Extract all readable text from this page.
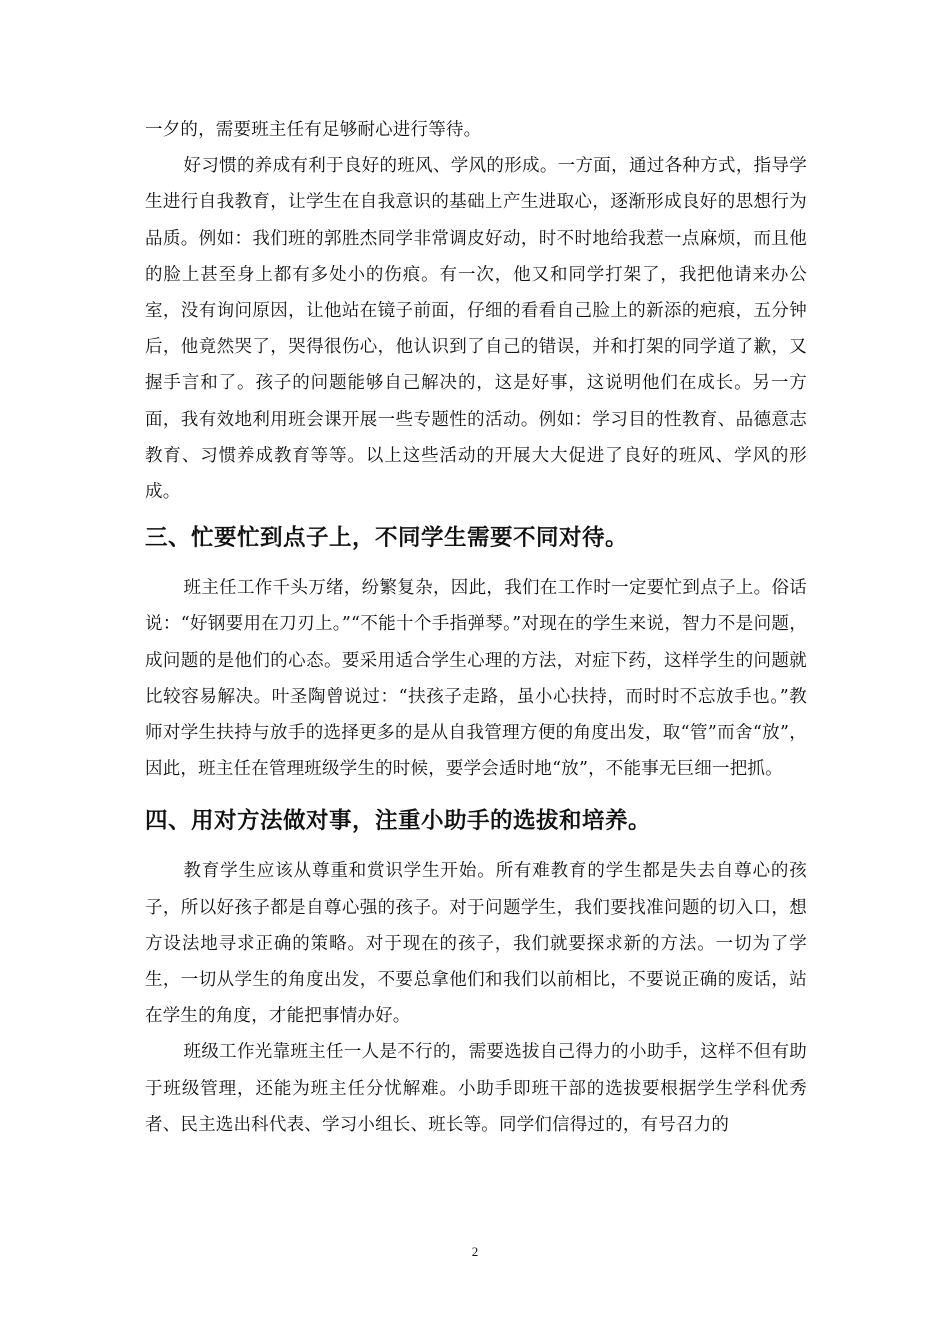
一夕的，需要班主任有足够耐心进行等待。

好习惯的养成有利于良好的班风、学风的形成。一方面，通过各种方式，指导学生进行自我教育，让学生在自我意识的基础上产生进取心，逐渐形成良好的思想行为品质。例如：我们班的郭胜杰同学非常调皮好动，时不时地给我惹一点麻烦，而且他的脸上甚至身上都有多处小的伤痕。有一次，他又和同学打架了，我把他请来办公室，没有询问原因，让他站在镜子前面，仔细的看看自己脸上的新添的疤痕，五分钟后，他竟然哭了，哭得很伤心，他认识到了自己的错误，并和打架的同学道了歉，又握手言和了。孩子的问题能够自己解决的，这是好事，这说明他们在成长。另一方面，我有效地利用班会课开展一些专题性的活动。例如：学习目的性教育、品德意志教育、习惯养成教育等等。以上这些活动的开展大大促进了良好的班风、学风的形成。

三、忙要忙到点子上，不同学生需要不同对待。

班主任工作千头万绪，纷繁复杂，因此，我们在工作时一定要忙到点子上。俗话说：“好钢要用在刀刃上。”“不能十个手指弹琴。”对现在的学生来说，智力不是问题，成问题的是他们的心态。要采用适合学生心理的方法，对症下药，这样学生的问题就比较容易解决。叶圣陶曾说过：“扶孩子走路，虽小心扶持，而时时不忘放手也。”教师对学生扶持与放手的选择更多的是从自我管理方便的角度出发，取“管”而舍“放”，因此，班主任在管理班级学生的时候，要学会适时地“放”，不能事无巨细一把抓。

四、用对方法做对事，注重小助手的选拔和培养。

教育学生应该从尊重和赏识学生开始。所有难教育的学生都是失去自尊心的孩子，所以好孩子都是自尊心强的孩子。对于问题学生，我们要找准问题的切入口，想方设法地寻求正确的策略。对于现在的孩子，我们就要探求新的方法。一切为了学生，一切从学生的角度出发，不要总拿他们和我们以前相比，不要说正确的废话，站在学生的角度，才能把事情办好。

班级工作光靠班主任一人是不行的，需要选拔自己得力的小助手，这样不但有助于班级管理，还能为班主任分忧解难。小助手即班干部的选拔要根据学生学科优秀者、民主选出科代表、学习小组长、班长等。同学们信得过的，有号召力的

2
